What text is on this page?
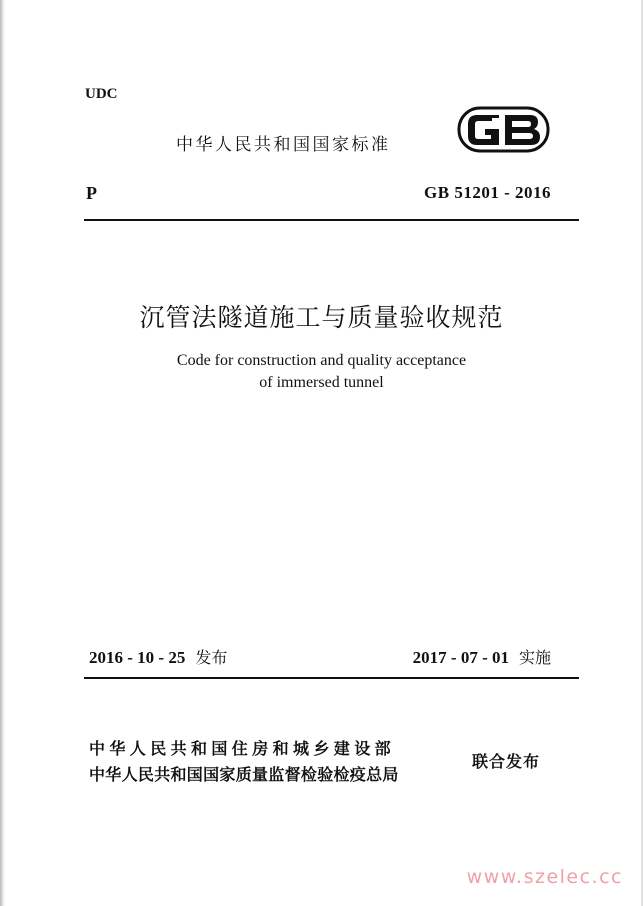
UDC
中华人民共和国国家标准
P	GB 51201 - 2016
沉管法隧道施工与质量验收规范
Code for construction and quality acceptance
of immersed tunnel
2016 - 10 - 25 发布	2017 - 07 - 01 实施
中华人民共和国住房和城乡建设部
中华人民共和国国家质量监督检验检疫总局
联合发布
www.szelec.cc
